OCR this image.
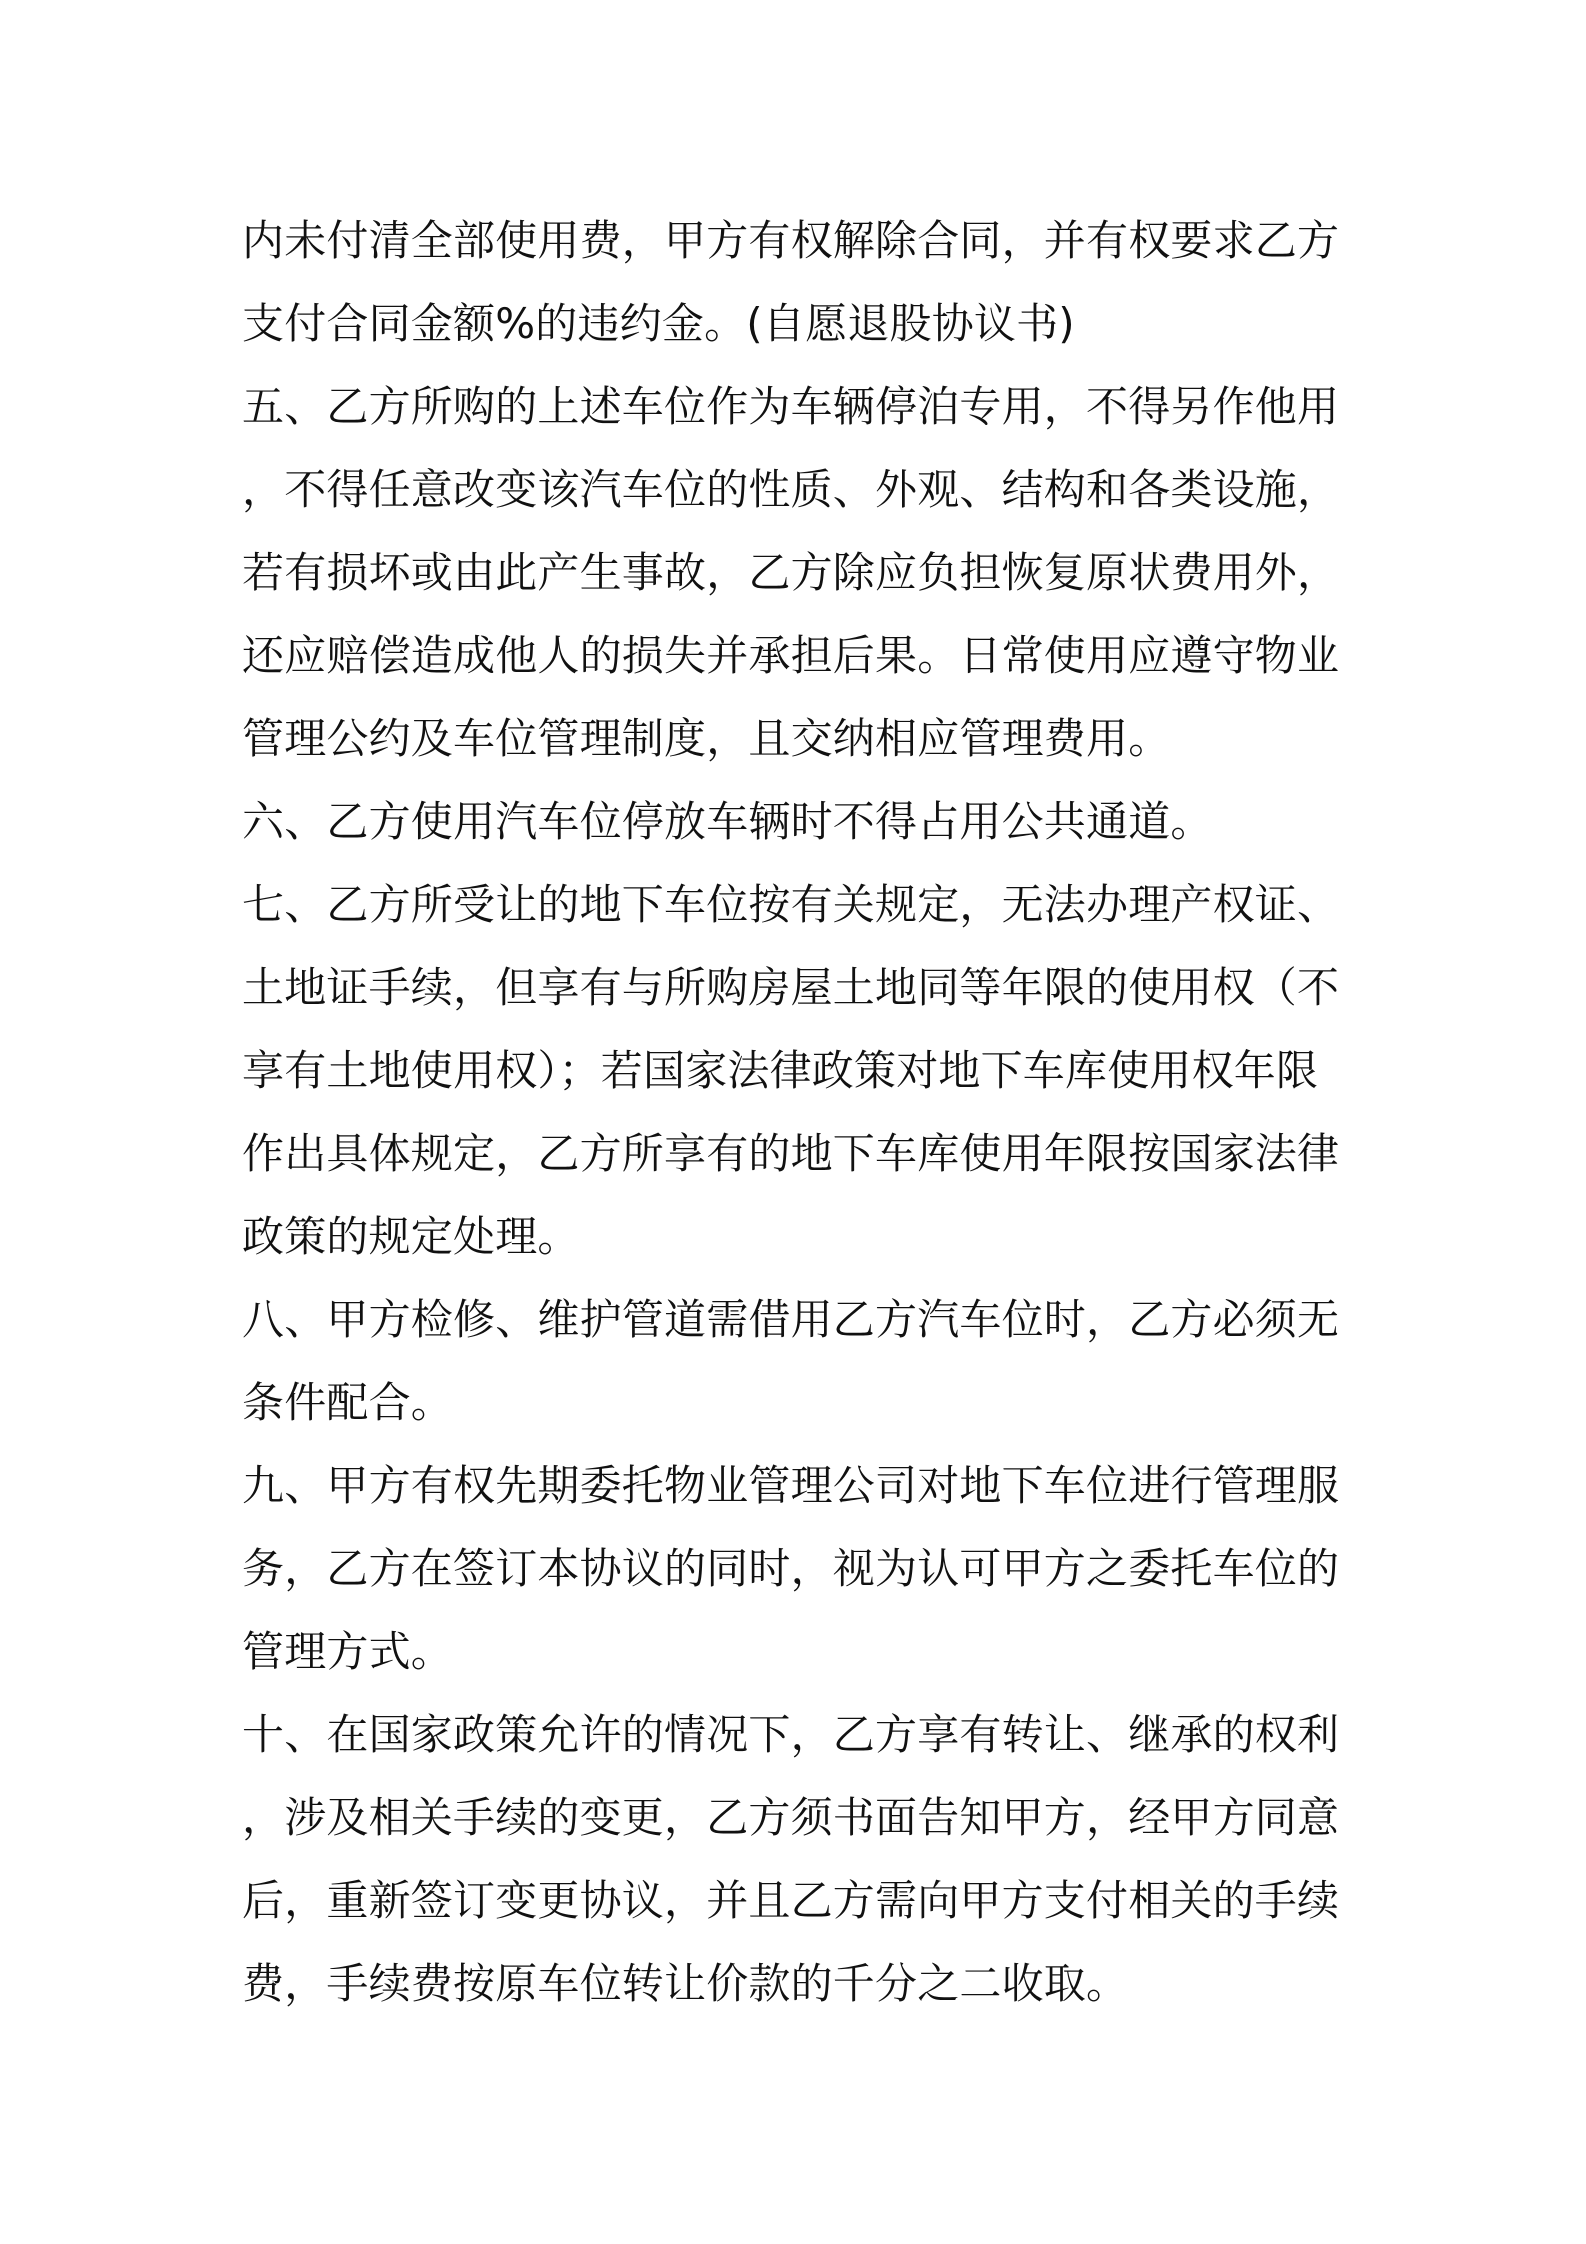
内未付清全部使用费，甲方有权解除合同，并有权要求乙方
支付合同金额%的违约金。(自愿退股协议书)
五、乙方所购的上述车位作为车辆停泊专用，不得另作他用
，不得任意改变该汽车位的性质、外观、结构和各类设施，
若有损坏或由此产生事故，乙方除应负担恢复原状费用外，
还应赔偿造成他人的损失并承担后果。日常使用应遵守物业
管理公约及车位管理制度，且交纳相应管理费用。
六、乙方使用汽车位停放车辆时不得占用公共通道。
七、乙方所受让的地下车位按有关规定，无法办理产权证、
土地证手续，但享有与所购房屋土地同等年限的使用权（不
享有土地使用权）；若国家法律政策对地下车库使用权年限
作出具体规定，乙方所享有的地下车库使用年限按国家法律
政策的规定处理。
八、甲方检修、维护管道需借用乙方汽车位时，乙方必须无
条件配合。
九、甲方有权先期委托物业管理公司对地下车位进行管理服
务，乙方在签订本协议的同时，视为认可甲方之委托车位的
管理方式。
十、在国家政策允许的情况下，乙方享有转让、继承的权利
，涉及相关手续的变更，乙方须书面告知甲方，经甲方同意
后，重新签订变更协议，并且乙方需向甲方支付相关的手续
费，手续费按原车位转让价款的千分之二收取。
